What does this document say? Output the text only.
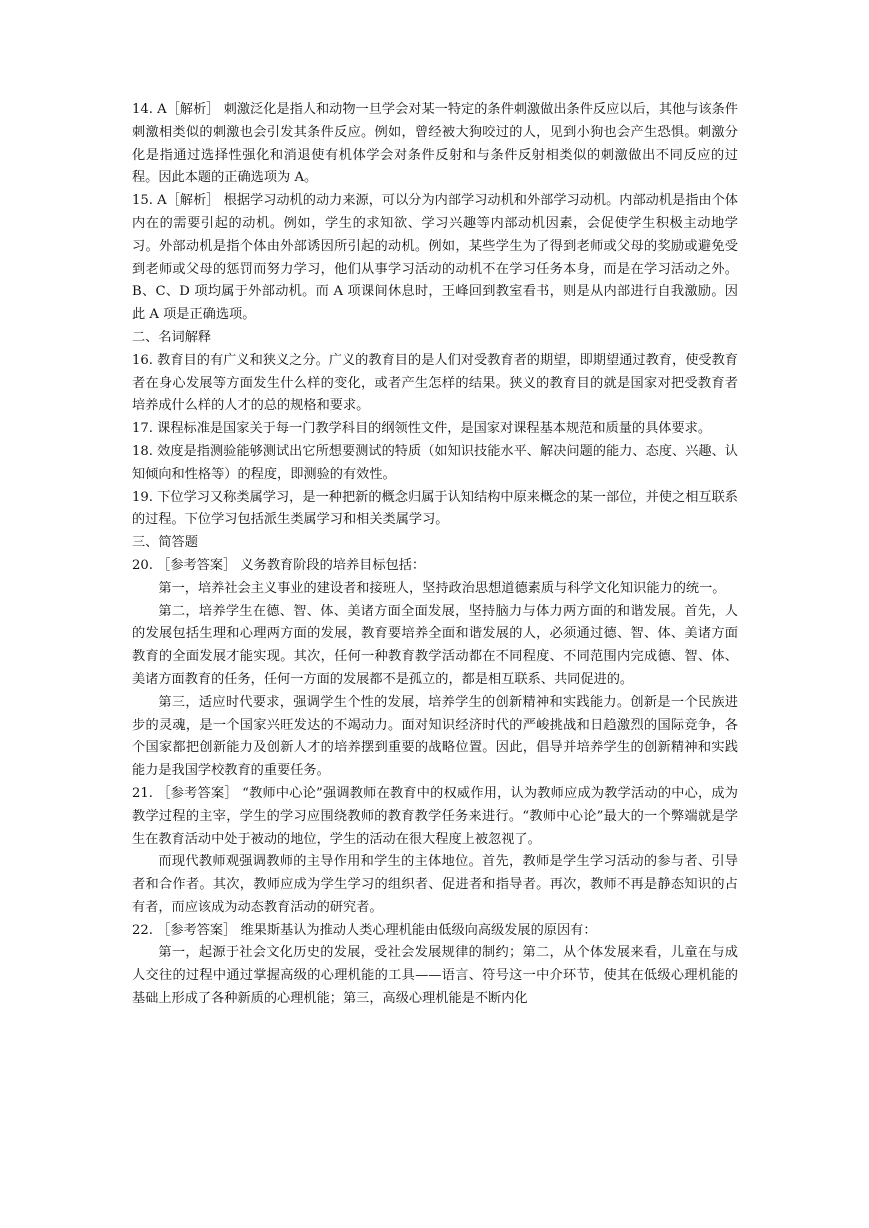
14. A［解析］ 刺激泛化是指人和动物一旦学会对某一特定的条件刺激做出条件反应以后，其他与该条件刺激相类似的刺激也会引发其条件反应。例如，曾经被大狗咬过的人，见到小狗也会产生恐惧。刺激分化是指通过选择性强化和消退使有机体学会对条件反射和与条件反射相类似的刺激做出不同反应的过程。因此本题的正确选项为 A。

15. A［解析］ 根据学习动机的动力来源，可以分为内部学习动机和外部学习动机。内部动机是指由个体内在的需要引起的动机。例如，学生的求知欲、学习兴趣等内部动机因素，会促使学生积极主动地学习。外部动机是指个体由外部诱因所引起的动机。例如，某些学生为了得到老师或父母的奖励或避免受到老师或父母的惩罚而努力学习，他们从事学习活动的动机不在学习任务本身，而是在学习活动之外。B、C、D 项均属于外部动机。而 A 项课间休息时，王峰回到教室看书，则是从内部进行自我激励。因此 A 项是正确选项。

二、名词解释

16. 教育目的有广义和狭义之分。广义的教育目的是人们对受教育者的期望，即期望通过教育，使受教育者在身心发展等方面发生什么样的变化，或者产生怎样的结果。狭义的教育目的就是国家对把受教育者培养成什么样的人才的总的规格和要求。

17. 课程标准是国家关于每一门教学科目的纲领性文件，是国家对课程基本规范和质量的具体要求。

18. 效度是指测验能够测试出它所想要测试的特质（如知识技能水平、解决问题的能力、态度、兴趣、认知倾向和性格等）的程度，即测验的有效性。

19. 下位学习又称类属学习，是一种把新的概念归属于认知结构中原来概念的某一部位，并使之相互联系的过程。下位学习包括派生类属学习和相关类属学习。

三、简答题

20. ［参考答案］ 义务教育阶段的培养目标包括：

第一，培养社会主义事业的建设者和接班人，坚持政治思想道德素质与科学文化知识能力的统一。

第二，培养学生在德、智、体、美诸方面全面发展，坚持脑力与体力两方面的和谐发展。首先，人的发展包括生理和心理两方面的发展，教育要培养全面和谐发展的人，必须通过德、智、体、美诸方面教育的全面发展才能实现。其次，任何一种教育教学活动都在不同程度、不同范围内完成德、智、体、美诸方面教育的任务，任何一方面的发展都不是孤立的，都是相互联系、共同促进的。

第三，适应时代要求，强调学生个性的发展，培养学生的创新精神和实践能力。创新是一个民族进步的灵魂，是一个国家兴旺发达的不竭动力。面对知识经济时代的严峻挑战和日趋激烈的国际竞争，各个国家都把创新能力及创新人才的培养摆到重要的战略位置。因此，倡导并培养学生的创新精神和实践能力是我国学校教育的重要任务。

21. ［参考答案］ “教师中心论”强调教师在教育中的权威作用，认为教师应成为教学活动的中心，成为教学过程的主宰，学生的学习应围绕教师的教育教学任务来进行。“教师中心论”最大的一个弊端就是学生在教育活动中处于被动的地位，学生的活动在很大程度上被忽视了。

而现代教师观强调教师的主导作用和学生的主体地位。首先，教师是学生学习活动的参与者、引导者和合作者。其次，教师应成为学生学习的组织者、促进者和指导者。再次，教师不再是静态知识的占有者，而应该成为动态教育活动的研究者。

22. ［参考答案］ 维果斯基认为推动人类心理机能由低级向高级发展的原因有：

第一，起源于社会文化历史的发展，受社会发展规律的制约；第二，从个体发展来看，儿童在与成人交往的过程中通过掌握高级的心理机能的工具——语言、符号这一中介环节，使其在低级心理机能的基础上形成了各种新质的心理机能；第三，高级心理机能是不断内化
